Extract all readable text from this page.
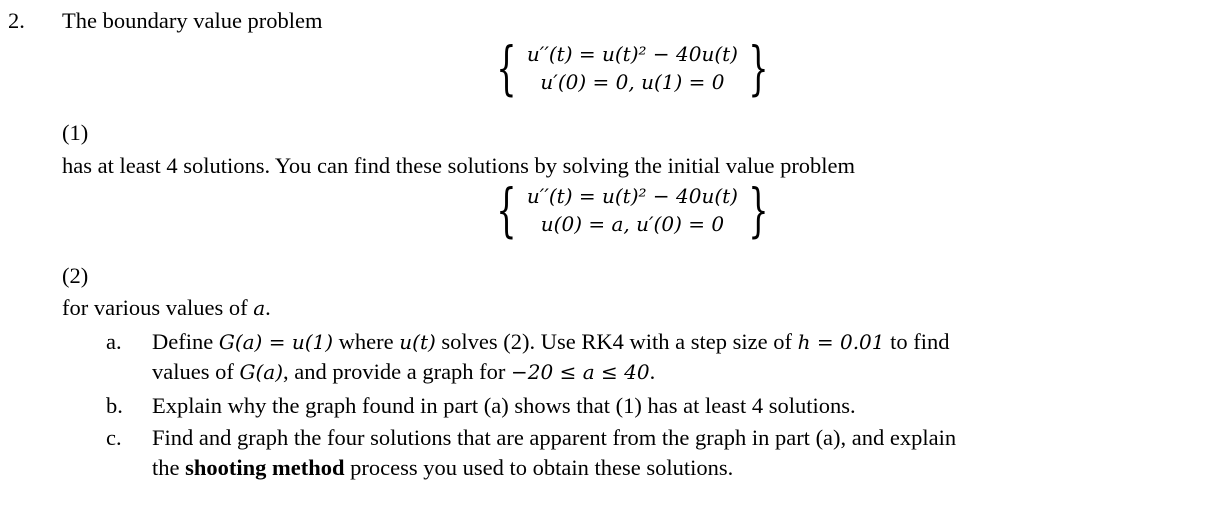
2. The boundary value problem
{ u′′(t) = u(t)² − 40u(t)
u′(0) = 0, u(1) = 0 }
(1)
has at least 4 solutions. You can find these solutions by solving the initial value problem
{ u′′(t) = u(t)² − 40u(t)
u(0) = a, u′(0) = 0 }
(2)
for various values of a.
a. Define G(a) = u(1) where u(t) solves (2). Use RK4 with a step size of h = 0.01 to find
values of G(a), and provide a graph for −20 ≤ a ≤ 40.
b. Explain why the graph found in part (a) shows that (1) has at least 4 solutions.
c. Find and graph the four solutions that are apparent from the graph in part (a), and explain
the shooting method process you used to obtain these solutions.
